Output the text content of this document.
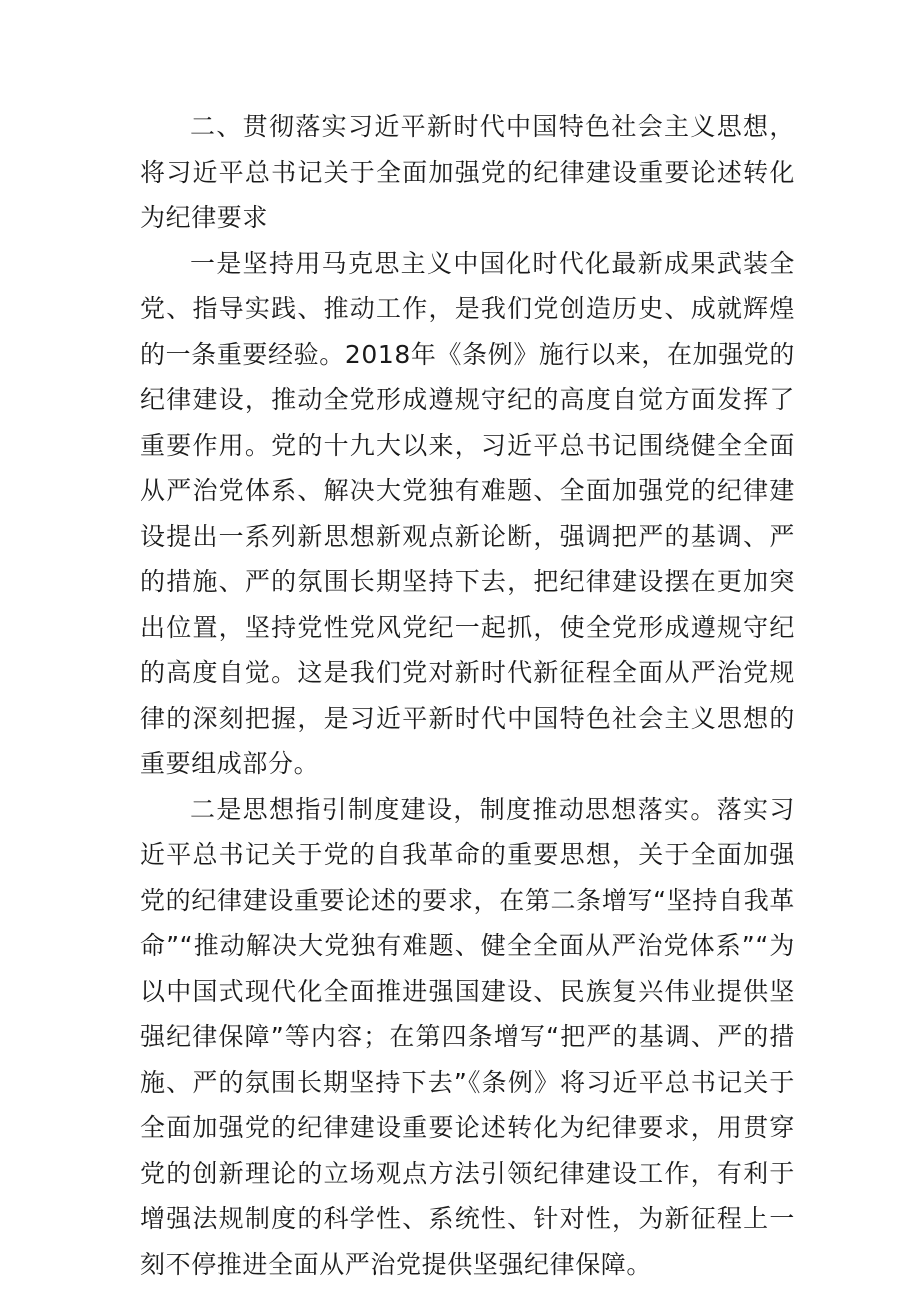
二、贯彻落实习近平新时代中国特色社会主义思想，将习近平总书记关于全面加强党的纪律建设重要论述转化为纪律要求

一是坚持用马克思主义中国化时代化最新成果武装全党、指导实践、推动工作，是我们党创造历史、成就辉煌的一条重要经验。2018年《条例》施行以来，在加强党的纪律建设，推动全党形成遵规守纪的高度自觉方面发挥了重要作用。党的十九大以来，习近平总书记围绕健全全面从严治党体系、解决大党独有难题、全面加强党的纪律建设提出一系列新思想新观点新论断，强调把严的基调、严的措施、严的氛围长期坚持下去，把纪律建设摆在更加突出位置，坚持党性党风党纪一起抓，使全党形成遵规守纪的高度自觉。这是我们党对新时代新征程全面从严治党规律的深刻把握，是习近平新时代中国特色社会主义思想的重要组成部分。

二是思想指引制度建设，制度推动思想落实。落实习近平总书记关于党的自我革命的重要思想，关于全面加强党的纪律建设重要论述的要求，在第二条增写“坚持自我革命”“推动解决大党独有难题、健全全面从严治党体系”“为以中国式现代化全面推进强国建设、民族复兴伟业提供坚强纪律保障”等内容；在第四条增写“把严的基调、严的措施、严的氛围长期坚持下去”《条例》将习近平总书记关于全面加强党的纪律建设重要论述转化为纪律要求，用贯穿党的创新理论的立场观点方法引领纪律建设工作，有利于增强法规制度的科学性、系统性、针对性，为新征程上一刻不停推进全面从严治党提供坚强纪律保障。
